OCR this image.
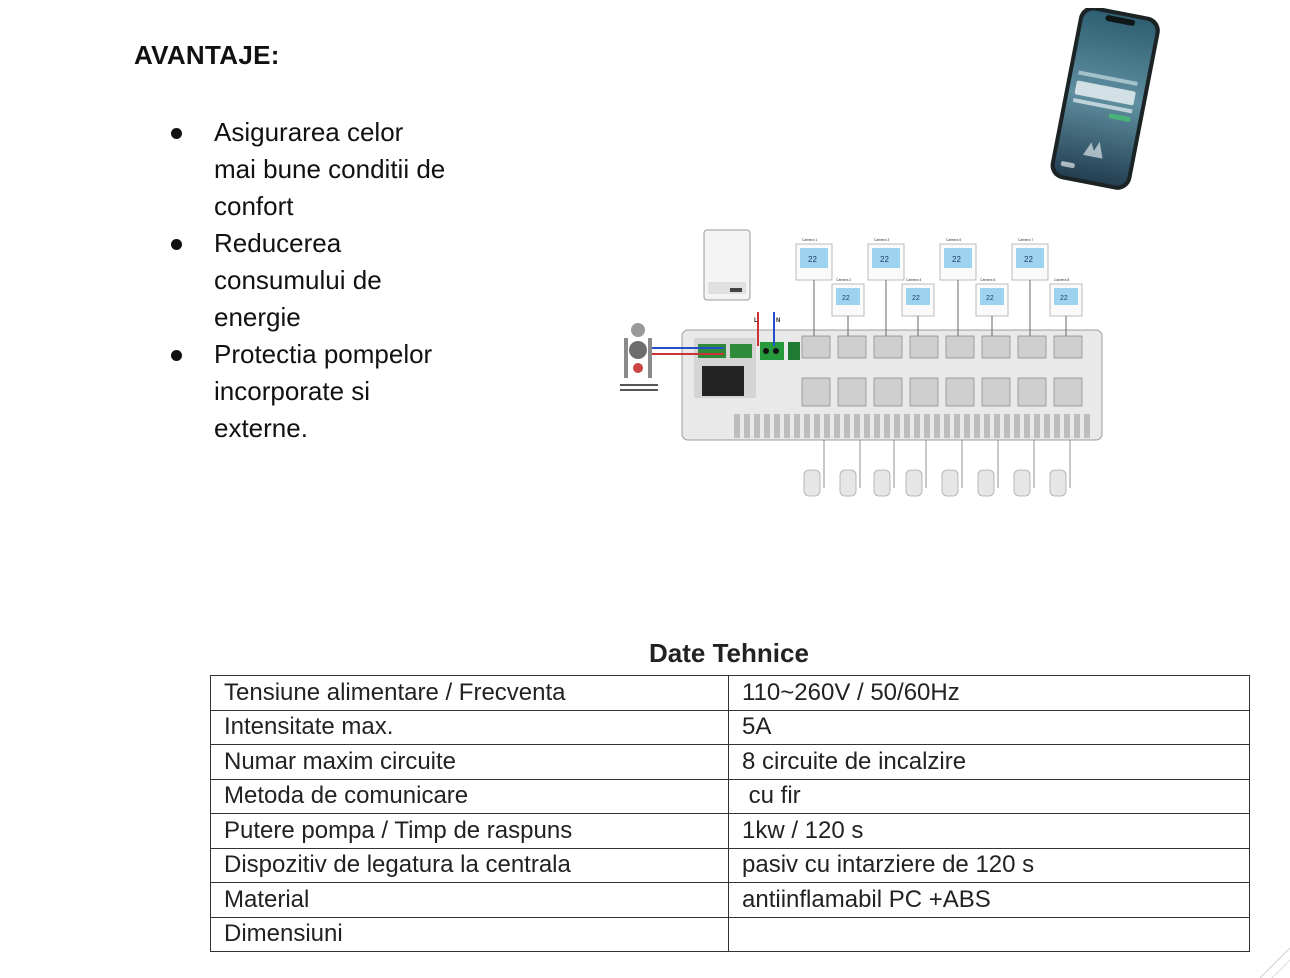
AVANTAJE:
Asigurarea celor mai bune conditii de confort
Reducerea consumului de energie
Protectia pompelor incorporate si externe.
L	N
22	22	22	22
22	22	22	22
Camera 1
Camera 2
Camera 3
Camera 4
Camera 5
Camera 6
Camera 7
Camera 8
Date Tehnice
Tensiune alimentare / Frecventa	110~260V / 50/60Hz
Intensitate max.	5A
Numar maxim circuite	8 circuite de incalzire
Metoda de comunicare	cu fir
Putere pompa / Timp de raspuns	1kw / 120 s
Dispozitiv de legatura la centrala	pasiv cu intarziere de 120 s
Material	antiinflamabil PC +ABS
Dimensiuni	
